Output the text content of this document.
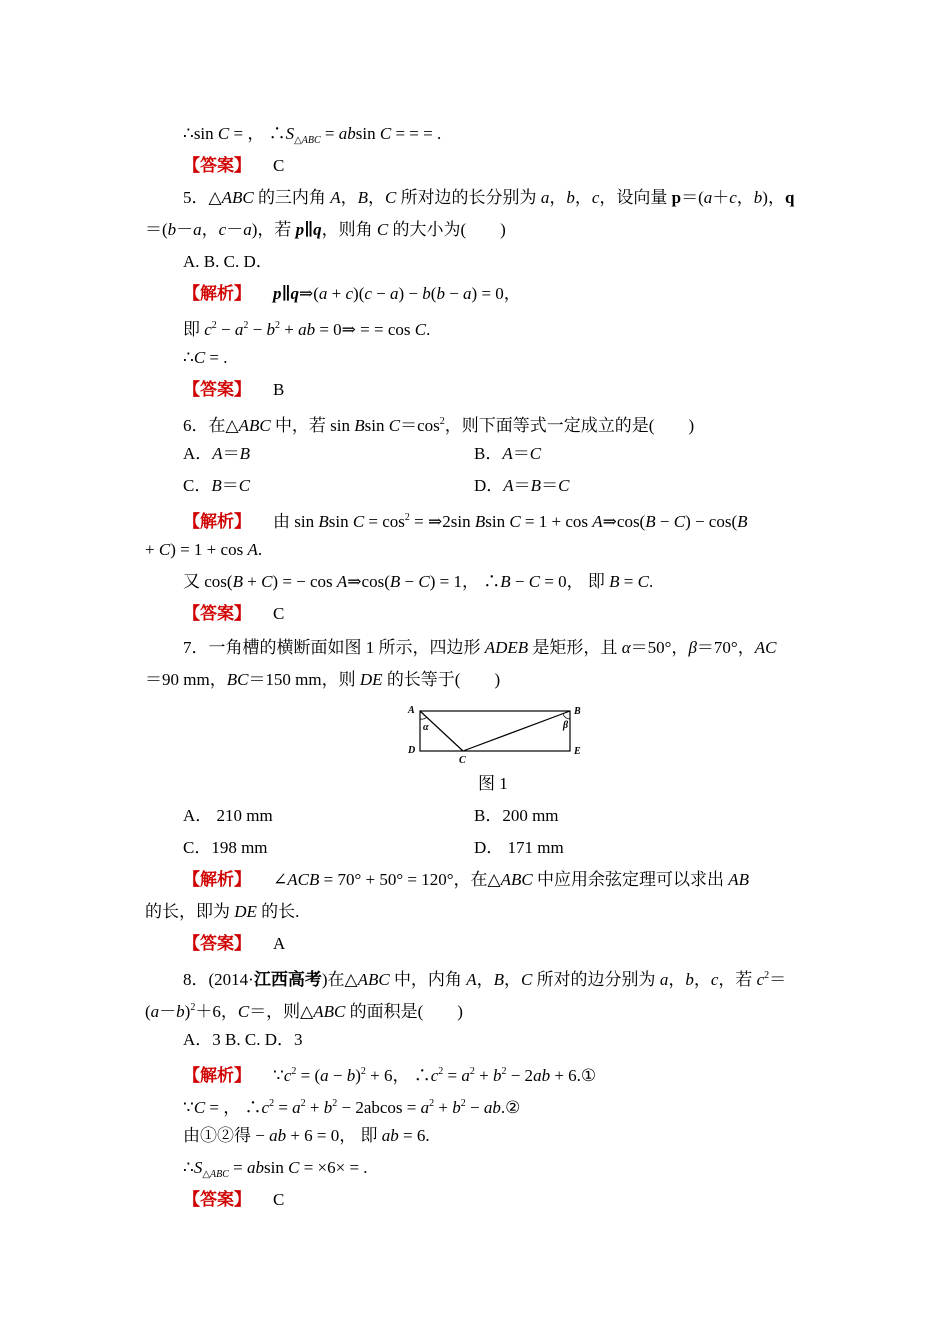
∴sin C = ， $\therefore S_{\triangle ABC} = absin$ C = = = .
【答案】 C
5．△ABC 的三内角 A，B，C 所对边的长分别为 a，b，c，设向量 p＝(a＋c，b)，q
＝(b－a，c－a)，若 p∥q，则角 C 的大小为(　　)
A. B. C. D．
【解析】 p∥q⇒(a + c)(c − a) − b(b − a) = 0，
即 $c^2 - a^2 - b^2$ + ab = 0⇒ = = cos C.
∴C = .
【答案】 B
6．在△ABC 中，若 sin Bsin $C=\cos^2$，则下面等式一定成立的是(　　)
A．A＝B	B．A＝C
C．B＝C	D．A＝B＝C
【解析】 由 sin Bsin $C = \cos^2$ = ⇒2sin Bsin C = 1 + cos A⇒cos(B − C) − cos(B
+ C) = 1 + cos A.
又 cos(B + C) = − cos A⇒cos(B − C) = 1， ∴B − C = 0， 即 B = C.
【答案】 C
7．一角槽的横断面如图 1 所示，四边形 ADEB 是矩形，且 α＝50°，β＝70°，AC
＝90 mm，BC＝150 mm，则 DE 的长等于(　　)
A	B
D	E
C
α	β
图 1
A． 210 mm	B．200 mm
C．198 mm	D． 171 mm
【解析】 ∠ACB = 70° + 50° = 120°，在△ABC 中应用余弦定理可以求出 AB
的长，即为 DE 的长.
【答案】 A
8．(2014·江西高考)在△ABC 中，内角 A，B，C 所对的边分别为 a，b，c，若 $c^2=$
$(a-b)^2+6$，C＝，则△ABC 的面积是(　　)
A．3 B. C. D．3
【解析】 $\because c^2 = (a - b)^2 + 6$， $\therefore c^2 = a^2 + b^2 - 2ab$ + 6.①
∵C = ， $\therefore c^2 = a^2 + b^2 - 2abcos = a^2 + b^2$ − ab.②
由①②得 − ab + 6 = 0， 即 ab = 6.
$\therefore S_{\triangle ABC} = absin$ C = ×6× = .
【答案】 C
